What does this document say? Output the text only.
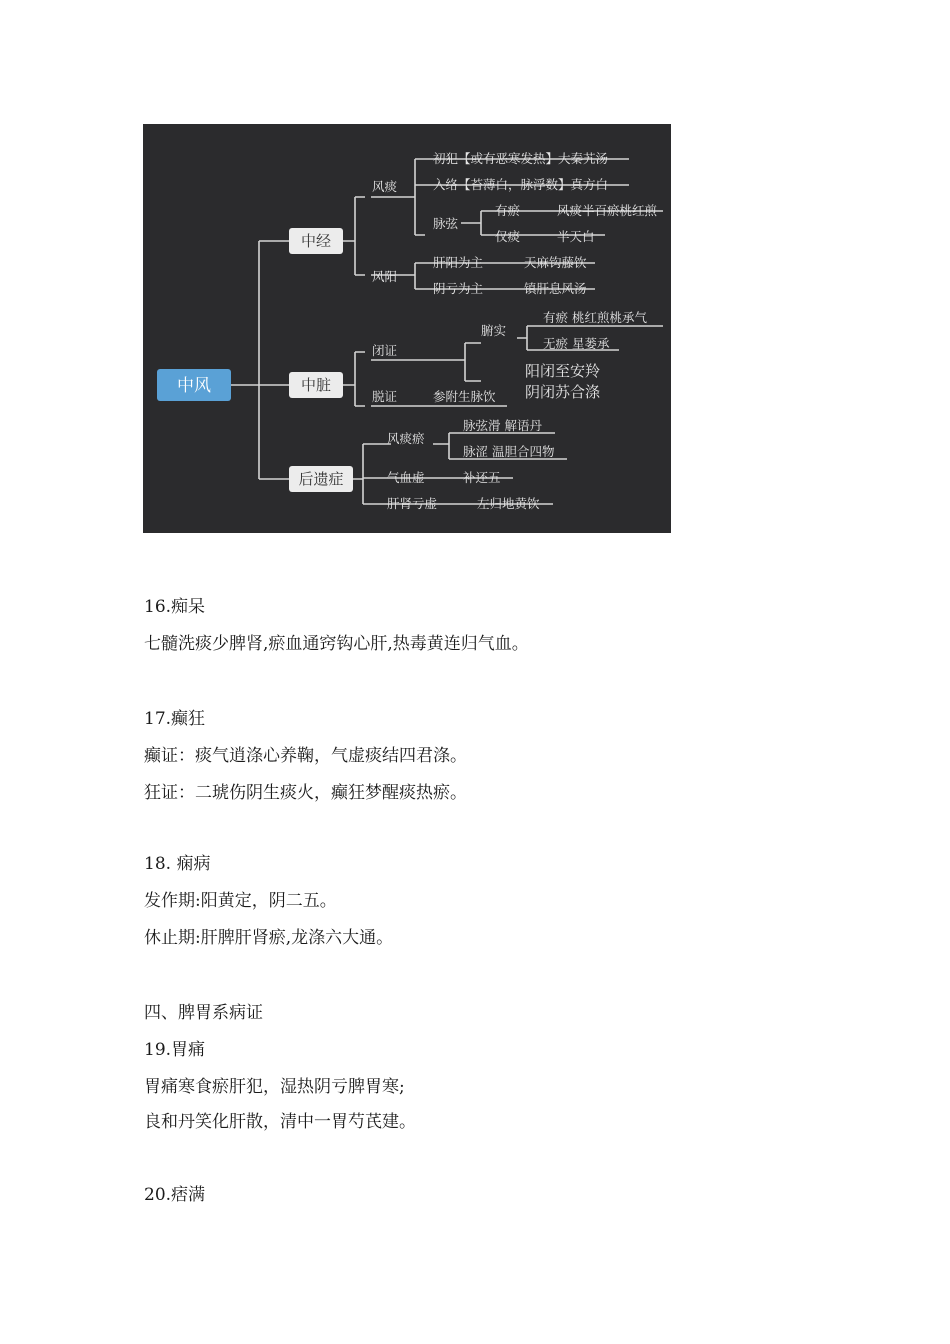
中风
中经
中脏
后遗症
风痰
初犯【或有恶寒发热】大秦艽汤
入络【苔薄白，脉浮数】真方白
脉弦
有瘀	风痰半百瘀桃红煎
仅痰	半天白
风阳
肝阳为主	天麻钩藤饮
阴亏为主	镇肝息风汤
闭证
腑实
有瘀 桃红煎桃承气
无瘀 星蒌承
脱证	参附生脉饮
阳闭至安羚
阴闭苏合涤
风痰瘀
脉弦滑 解语丹
脉涩 温胆合四物
气血虚	补还五
肝肾亏虚	左归地黄饮

16.痴呆

七髓洗痰少脾肾,瘀血通窍钩心肝,热毒黄连归气血。

17.癫狂

癫证：痰气逍涤心养鞠，气虚痰结四君涤。

狂证：二琥伤阴生痰火，癫狂梦醒痰热瘀。

18. 痫病

发作期:阳黄定，阴二五。

休止期:肝脾肝肾瘀,龙涤六大通。

四、脾胃系病证

19.胃痛

胃痛寒食瘀肝犯，湿热阴亏脾胃寒;

良和丹笑化肝散，清中一胃芍芪建。

20.痞满
